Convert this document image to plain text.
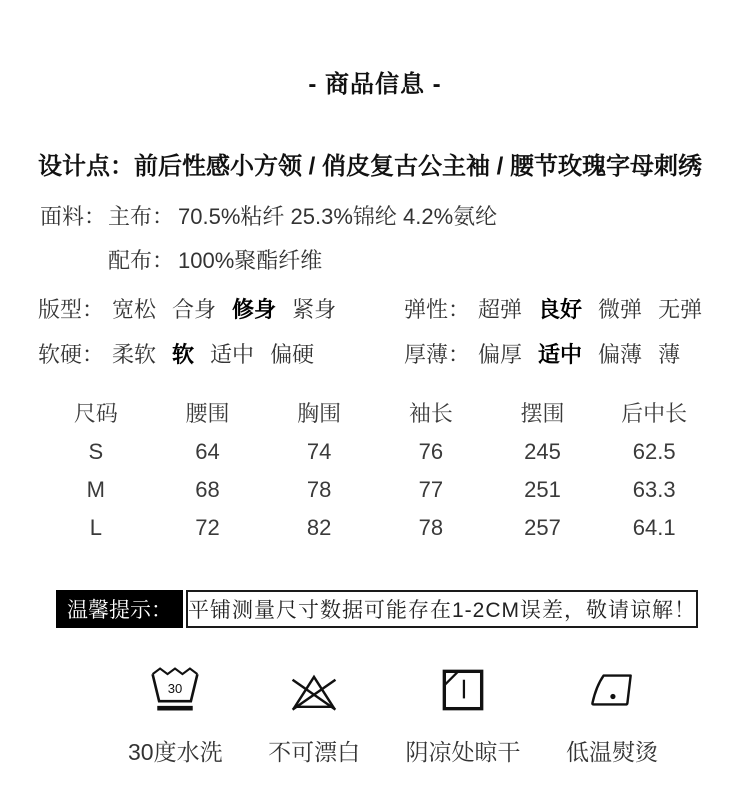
- 商品信息 -
设计点：前后性感小方领 / 俏皮复古公主袖 / 腰节玫瑰字母刺绣
面料： 主布： 70.5%粘纤 25.3%锦纶 4.2%氨纶
配布： 100%聚酯纤维
版型： 宽松 合身 修身 紧身	弹性： 超弹 良好 微弹 无弹
软硬： 柔软 软 适中 偏硬	厚薄： 偏厚 适中 偏薄 薄
尺码	腰围	胸围	袖长	摆围	后中长
S	64	74	76	245	62.5
M	68	78	77	251	63.3
L	72	82	78	257	64.1
温馨提示： 平铺测量尺寸数据可能存在1-2CM误差，敬请谅解！
30
30度水洗 不可漂白 阴凉处晾干 低温熨烫
